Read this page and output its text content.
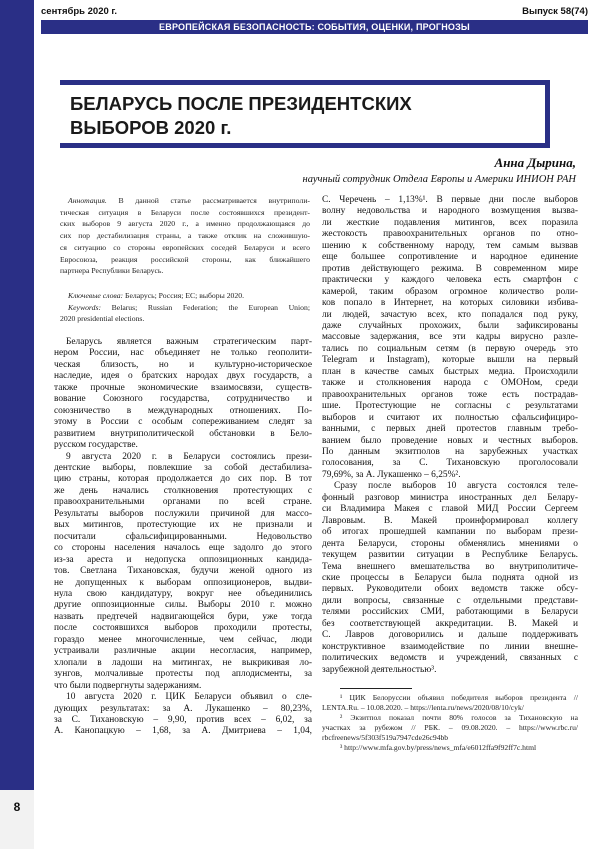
8
сентябрь 2020 г.	Выпуск 58(74)
ЕВРОПЕЙСКАЯ БЕЗОПАСНОСТЬ: СОБЫТИЯ, ОЦЕНКИ, ПРОГНОЗЫ
БЕЛАРУСЬ ПОСЛЕ ПРЕЗИДЕНТСКИХ
ВЫБОРОВ 2020 г.
Анна Дырина,
научный сотрудник Отдела Европы и Америки ИНИОН РАН
Аннотация. В данной статье рассматривается внутрипoли-
тическая ситуация в Беларуси после состоявшихся президент-
ских выборов 9 августа 2020 г., а именно продолжающаяся до
сих пор дестабилизация страны, а также отклик на сложившую-
ся ситуацию со стороны европейских соседей Беларуси и всего
Евросоюза, реакция российской стороны, как ближайшего
партнера Республики Беларусь.
Ключевые слова: Беларусь; Россия; ЕС; выборы 2020.
Keywords: Belarus; Russian Federation; the European Union;
2020 presidential elections.
Беларусь является важным стратегическим парт-
нером России, нас объединяет не только геополити-
ческая близость, но и культурно-историческое
наследие, идея о братских народах двух государств, а
также прочные экономические взаимосвязи, существ-
вование Союзного государства, сотрудничество и
союзничество в международных отношениях. По-
этому в России с особым сопереживанием следят за
развитием внутриполитической обстановки в Бело-
русском государстве.
9 августа 2020 г. в Беларуси состоялись прези-
дентские выборы, повлекшие за собой дестабилиза-
цию страны, которая продолжается до сих пор. В тот
же день начались столкновения протестующих с
правоохранительными органами по всей стране.
Результаты выборов послужили причиной для массо-
вых митингов, протестующие их не признали и
посчитали сфальсифицированными. Недовольство
со стороны населения началось еще задолго до этого
из-за ареста и недопуска оппозиционных кандида-
тов. Светлана Тихановская, будучи женой одного из
не допущенных к выборам оппозиционеров, выдви-
нула свою кандидатуру, вокруг нее объединились
другие оппозиционные силы. Выборы 2010 г. можно
назвать предтечей надвигающейся бури, уже тогда
после состоявшихся выборов проходили протесты,
гораздо менее многочисленные, чем сейчас, люди
устраивали различные акции несогласия, например,
хлопали в ладоши на митингах, не выкрикивая ло-
зунгов, молчаливые протесты под аплодисменты, за
что были подвергнуты задержаниям.
10 августа 2020 г. ЦИК Беларуси объявил о сле-
дующих результатах: за А. Лукашенко – 80,23%,
за С. Тихановскую – 9,90, против всех – 6,02, за
А. Канопацкую – 1,68, за А. Дмитриева – 1,04,
С. Черечень – 1,13%¹. В первые дни после выборов
волну недовольства и народного возмущения вызва-
ли жесткие подавления митингов, всех поразила
жестокость правоохранительных органов по отно-
шению к собственному народу, тем самым вызвав
еще большее сопротивление и народное единение
против действующего режима. В современном мире
практически у каждого человека есть смартфон с
камерой, таким образом огромное количество роли-
ков попало в Интернет, на которых силовики избива-
ли людей, зачастую всех, кто попадался под руку,
даже случайных прохожих, были зафиксированы
массовые задержания, все эти кадры вирусно разле-
тались по социальным сетям (в первую очередь это
Telegram и Instagram), которые вышли на первый
план в качестве самых быстрых медиа. Происходили
также и столкновения народа с ОМОНом, среди
правоохранительных органов тоже есть пострадав-
шие. Протестующие не согласны с результатами
выборов и считают их полностью сфальсифициро-
ванными, с первых дней протестов главным требо-
ванием было проведение новых и честных выборов.
По данным экзитполов на зарубежных участках
голосования, за С. Тихановскую проголосовали
79,69%, за А. Лукашенко – 6,25%².
Сразу после выборов 10 августа состоялся теле-
фонный разговор министра иностранных дел Белару-
си Владимира Макея с главой МИД России Сергеем
Лавровым. В. Макей проинформировал коллегу
об итогах прошедшей кампании по выборам прези-
дента Беларуси, стороны обменялись мнениями о
текущем развитии ситуации в Республике Беларусь.
Тема внешнего вмешательства во внутриполитиче-
ские процессы в Беларуси была поднята одной из
первых. Руководители обоих ведомств также обсу-
дили вопросы, связанные с отдельными представи-
телями российских СМИ, работающими в Беларуси
без соответствующей аккредитации. В. Макей и
С. Лавров договорились и дальше поддерживать
конструктивное взаимодействие по линии внешне-
политических ведомств и учреждений, связанных с
зарубежной деятельностью³.
¹ ЦИК Белоруссии объявил победителя выборов президента //
LENTA.Ru. – 10.08.2020. – https://lenta.ru/news/2020/08/10/cyk/
² Экзитпол показал почти 80% голосов за Тихановскую на
участках за рубежом // РБК. – 09.08.2020. – https://www.rbc.ru/
rbcfreenews/5f303f519a7947cde26c94bb
³ http://www.mfa.gov.by/press/news_mfa/e6012ffa9f92ff7c.html
